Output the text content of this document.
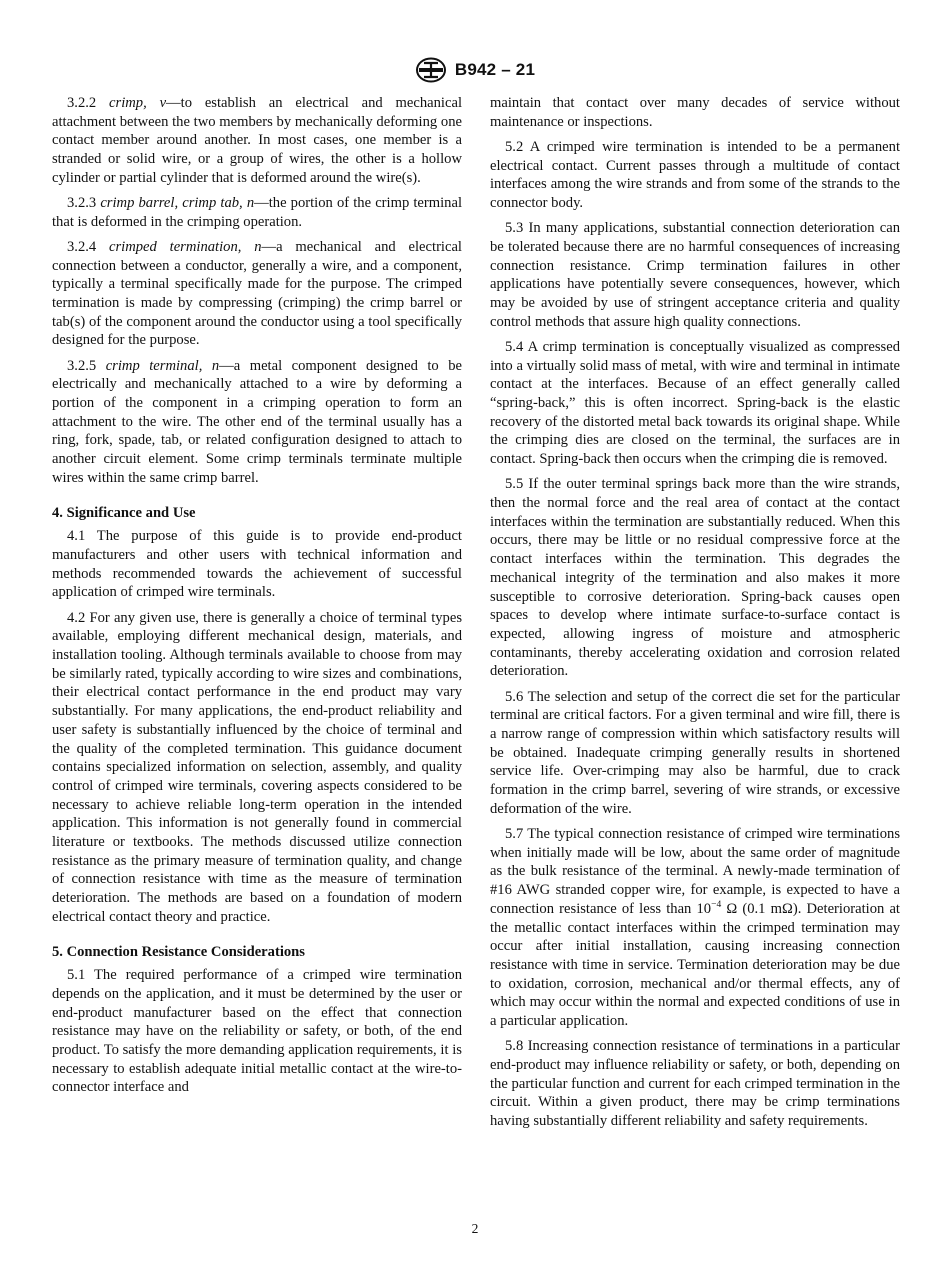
B942 – 21

3.2.2 crimp, v—to establish an electrical and mechanical attachment between the two members by mechanically deforming one contact member around another. In most cases, one member is a stranded or solid wire, or a group of wires, the other is a hollow cylinder or partial cylinder that is deformed around the wire(s).

3.2.3 crimp barrel, crimp tab, n—the portion of the crimp terminal that is deformed in the crimping operation.

3.2.4 crimped termination, n—a mechanical and electrical connection between a conductor, generally a wire, and a component, typically a terminal specifically made for the purpose. The crimped termination is made by compressing (crimping) the crimp barrel or tab(s) of the component around the conductor using a tool specifically designed for the purpose.

3.2.5 crimp terminal, n—a metal component designed to be electrically and mechanically attached to a wire by deforming a portion of the component in a crimping operation to form an attachment to the wire. The other end of the terminal usually has a ring, fork, spade, tab, or related configuration designed to attach to another circuit element. Some crimp terminals terminate multiple wires within the same crimp barrel.

4. Significance and Use

4.1 The purpose of this guide is to provide end-product manufacturers and other users with technical information and methods recommended towards the achievement of successful application of crimped wire terminals.

4.2 For any given use, there is generally a choice of terminal types available, employing different mechanical design, materials, and installation tooling. Although terminals available to choose from may be similarly rated, typically according to wire sizes and combinations, their electrical contact performance in the end product may vary substantially. For many applications, the end-product reliability and user safety is substantially influenced by the choice of terminal and the quality of the completed termination. This guidance document contains specialized information on selection, assembly, and quality control of crimped wire terminals, covering aspects considered to be necessary to achieve reliable long-term operation in the intended application. This information is not generally found in commercial literature or textbooks. The methods discussed utilize connection resistance as the primary measure of termination quality, and change of connection resistance with time as the measure of termination deterioration. The methods are based on a foundation of modern electrical contact theory and practice.

5. Connection Resistance Considerations

5.1 The required performance of a crimped wire termination depends on the application, and it must be determined by the user or end-product manufacturer based on the effect that connection resistance may have on the reliability or safety, or both, of the end product. To satisfy the more demanding application requirements, it is necessary to establish adequate initial metallic contact at the wire-to-connector interface and

maintain that contact over many decades of service without maintenance or inspections.

5.2 A crimped wire termination is intended to be a permanent electrical contact. Current passes through a multitude of contact interfaces among the wire strands and from some of the strands to the connector body.

5.3 In many applications, substantial connection deterioration can be tolerated because there are no harmful consequences of increasing connection resistance. Crimp termination failures in other applications have potentially severe consequences, however, which may be avoided by use of stringent acceptance criteria and quality control methods that assure high quality connections.

5.4 A crimp termination is conceptually visualized as compressed into a virtually solid mass of metal, with wire and terminal in intimate contact at the interfaces. Because of an effect generally called “spring-back,” this is often incorrect. Spring-back is the elastic recovery of the distorted metal back towards its original shape. While the crimping dies are closed on the terminal, the surfaces are in contact. Spring-back then occurs when the crimping die is removed.

5.5 If the outer terminal springs back more than the wire strands, then the normal force and the real area of contact at the contact interfaces within the termination are substantially reduced. When this occurs, there may be little or no residual compressive force at the contact interfaces within the termination. This degrades the mechanical integrity of the termination and also makes it more susceptible to corrosive deterioration. Spring-back causes open spaces to develop where intimate surface-to-surface contact is expected, allowing ingress of moisture and atmospheric contaminants, thereby accelerating oxidation and corrosion related deterioration.

5.6 The selection and setup of the correct die set for the particular terminal are critical factors. For a given terminal and wire fill, there is a narrow range of compression within which satisfactory results will be obtained. Inadequate crimping generally results in shortened service life. Over-crimping may also be harmful, due to crack formation in the crimp barrel, severing of wire strands, or excessive deformation of the wire.

5.7 The typical connection resistance of crimped wire terminations when initially made will be low, about the same order of magnitude as the bulk resistance of the terminal. A newly-made termination of #16 AWG stranded copper wire, for example, is expected to have a connection resistance of less than $10^{-4}$ Ω (0.1 mΩ). Deterioration at the metallic contact interfaces within the crimped termination may occur after initial installation, causing increasing connection resistance with time in service. Termination deterioration may be due to oxidation, corrosion, mechanical and/or thermal effects, any of which may occur within the normal and expected conditions of use in a particular application.

5.8 Increasing connection resistance of terminations in a particular end-product may influence reliability or safety, or both, depending on the particular function and current for each crimped termination in the circuit. Within a given product, there may be crimp terminations having substantially different reliability and safety requirements.

2
